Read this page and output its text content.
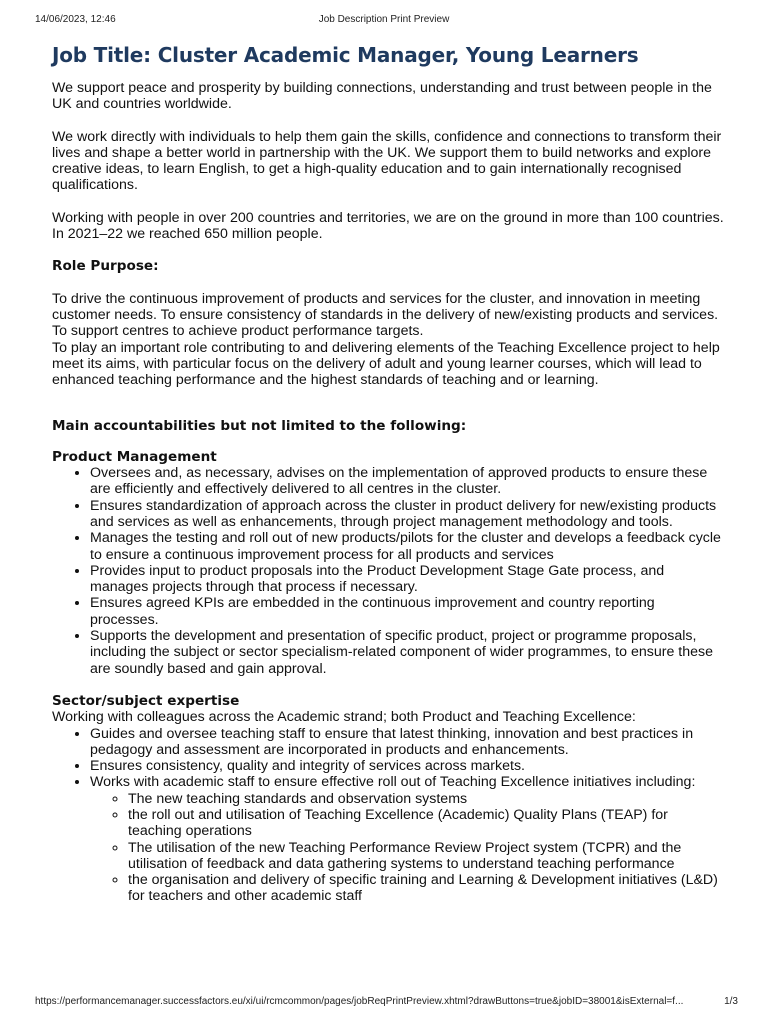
14/06/2023, 12:46	Job Description Print Preview
Job Title: Cluster Academic Manager, Young Learners

We support peace and prosperity by building connections, understanding and trust between people in the UK and countries worldwide.

We work directly with individuals to help them gain the skills, confidence and connections to transform their lives and shape a better world in partnership with the UK. We support them to build networks and explore creative ideas, to learn English, to get a high-quality education and to gain internationally recognised qualifications.

Working with people in over 200 countries and territories, we are on the ground in more than 100 countries. In 2021–22 we reached 650 million people.

Role Purpose:
To drive the continuous improvement of products and services for the cluster, and innovation in meeting customer needs. To ensure consistency of standards in the delivery of new/existing products and services. To support centres to achieve product performance targets.
To play an important role contributing to and delivering elements of the Teaching Excellence project to help meet its aims, with particular focus on the delivery of adult and young learner courses, which will lead to enhanced teaching performance and the highest standards of teaching and or learning.
Main accountabilities but not limited to the following:
Product Management
• Oversees and, as necessary, advises on the implementation of approved products to ensure these are efficiently and effectively delivered to all centres in the cluster.
• Ensures standardization of approach across the cluster in product delivery for new/existing products and services as well as enhancements, through project management methodology and tools.
• Manages the testing and roll out of new products/pilots for the cluster and develops a feedback cycle to ensure a continuous improvement process for all products and services
• Provides input to product proposals into the Product Development Stage Gate process, and manages projects through that process if necessary.
• Ensures agreed KPIs are embedded in the continuous improvement and country reporting processes.
• Supports the development and presentation of specific product, project or programme proposals, including the subject or sector specialism-related component of wider programmes, to ensure these are soundly based and gain approval.
Sector/subject expertise
Working with colleagues across the Academic strand; both Product and Teaching Excellence:
• Guides and oversee teaching staff to ensure that latest thinking, innovation and best practices in pedagogy and assessment are incorporated in products and enhancements.
• Ensures consistency, quality and integrity of services across markets.
• Works with academic staff to ensure effective roll out of Teaching Excellence initiatives including:
◦ The new teaching standards and observation systems
◦ the roll out and utilisation of Teaching Excellence (Academic) Quality Plans (TEAP) for teaching operations
◦ The utilisation of the new Teaching Performance Review Project system (TCPR) and the utilisation of feedback and data gathering systems to understand teaching performance
◦ the organisation and delivery of specific training and Learning & Development initiatives (L&D) for teachers and other academic staff
https://performancemanager.successfactors.eu/xi/ui/rcmcommon/pages/jobReqPrintPreview.xhtml?drawButtons=true&jobID=38001&isExternal=f...	1/3
